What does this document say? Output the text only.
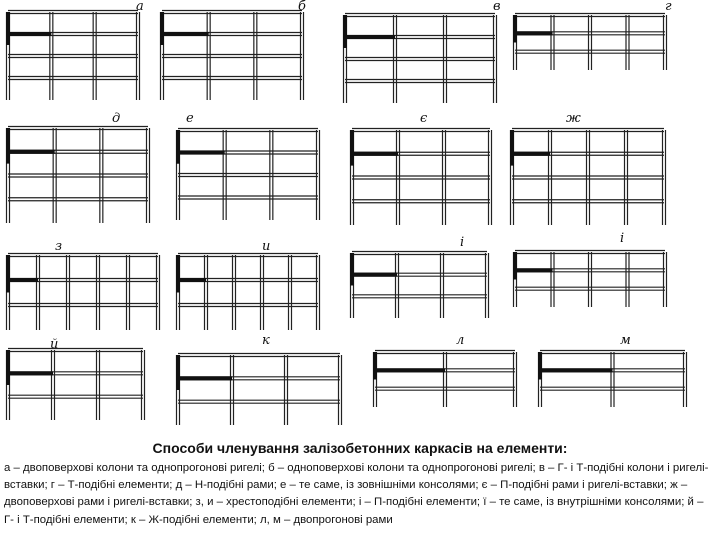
а	б	в	г
д	е	є	ж
з	и	і	і
й	к	л	м
Способи членування залізобетонних каркасів на елементи:
а – двоповерхові колони та однопрогонові ригелі; б – одноповерхові колони та однопрогонові ригелі; в – Г- і Т-подібні колони і ригелі-вставки; г – Т-подібні елементи; д – Н-подібні рами; е – те саме, із зовнішніми консолями; є – П-подібні рами і ригелі-вставки; ж – двоповерхові рами і ригелі-вставки; з, и – хрестоподібні елементи; і – П-подібні елементи; ї – те саме, із внутрішніми консолями; й – Г- і Т-подібні елементи; к – Ж-подібні елементи; л, м – двопрогонові рами
